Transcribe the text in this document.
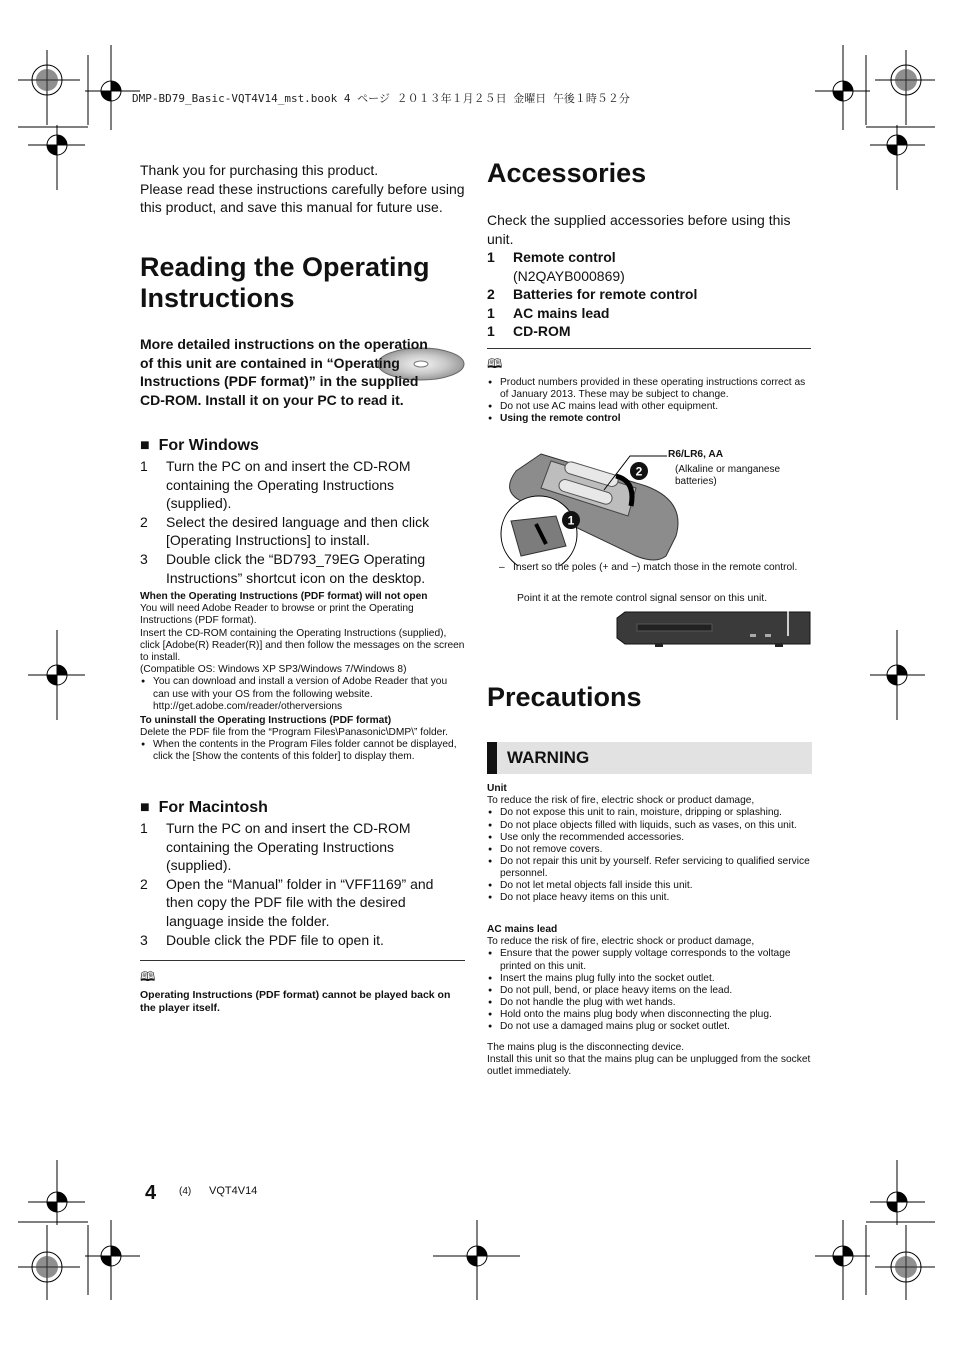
DMP-BD79_Basic-VQT4V14_mst.book 4 ページ ２０１３年１月２５日 金曜日 午後１時５２分
Thank you for purchasing this product.
Please read these instructions carefully before using this product, and save this manual for future use.
Reading the Operating Instructions
More detailed instructions on the operation of this unit are contained in “Operating Instructions (PDF format)” in the supplied CD-ROM. Install it on your PC to read it.
■ For Windows
1 Turn the PC on and insert the CD-ROM containing the Operating Instructions (supplied).
2 Select the desired language and then click [Operating Instructions] to install.
3 Double click the “BD793_79EG Operating Instructions” shortcut icon on the desktop.
When the Operating Instructions (PDF format) will not open
You will need Adobe Reader to browse or print the Operating Instructions (PDF format).
Insert the CD-ROM containing the Operating Instructions (supplied), click [Adobe(R) Reader(R)] and then follow the messages on the screen to install.
(Compatible OS: Windows XP SP3/Windows 7/Windows 8)
● You can download and install a version of Adobe Reader that you can use with your OS from the following website.
http://get.adobe.com/reader/otherversions
To uninstall the Operating Instructions (PDF format)
Delete the PDF file from the “Program Files\Panasonic\DMP\” folder.
● When the contents in the Program Files folder cannot be displayed, click the [Show the contents of this folder] to display them.
■ For Macintosh
1 Turn the PC on and insert the CD-ROM containing the Operating Instructions (supplied).
2 Open the “Manual” folder in “VFF1169” and then copy the PDF file with the desired language inside the folder.
3 Double click the PDF file to open it.
🕮
Operating Instructions (PDF format) cannot be played back on the player itself.
Accessories
Check the supplied accessories before using this unit.
1 Remote control
(N2QAYB000869)
2 Batteries for remote control
1 AC mains lead
1 CD-ROM
🕮
● Product numbers provided in these operating instructions correct as of January 2013. These may be subject to change.
● Do not use AC mains lead with other equipment.
● Using the remote control
1
2
R6/LR6, AA
(Alkaline or manganese batteries)
– Insert so the poles (+ and −) match those in the remote control.
Point it at the remote control signal sensor on this unit.
Precautions
WARNING
Unit
To reduce the risk of fire, electric shock or product damage,
● Do not expose this unit to rain, moisture, dripping or splashing.
● Do not place objects filled with liquids, such as vases, on this unit.
● Use only the recommended accessories.
● Do not remove covers.
● Do not repair this unit by yourself. Refer servicing to qualified service personnel.
● Do not let metal objects fall inside this unit.
● Do not place heavy items on this unit.
AC mains lead
To reduce the risk of fire, electric shock or product damage,
● Ensure that the power supply voltage corresponds to the voltage printed on this unit.
● Insert the mains plug fully into the socket outlet.
● Do not pull, bend, or place heavy items on the lead.
● Do not handle the plug with wet hands.
● Hold onto the mains plug body when disconnecting the plug.
● Do not use a damaged mains plug or socket outlet.
The mains plug is the disconnecting device.
Install this unit so that the mains plug can be unplugged from the socket outlet immediately.
4 (4) VQT4V14
